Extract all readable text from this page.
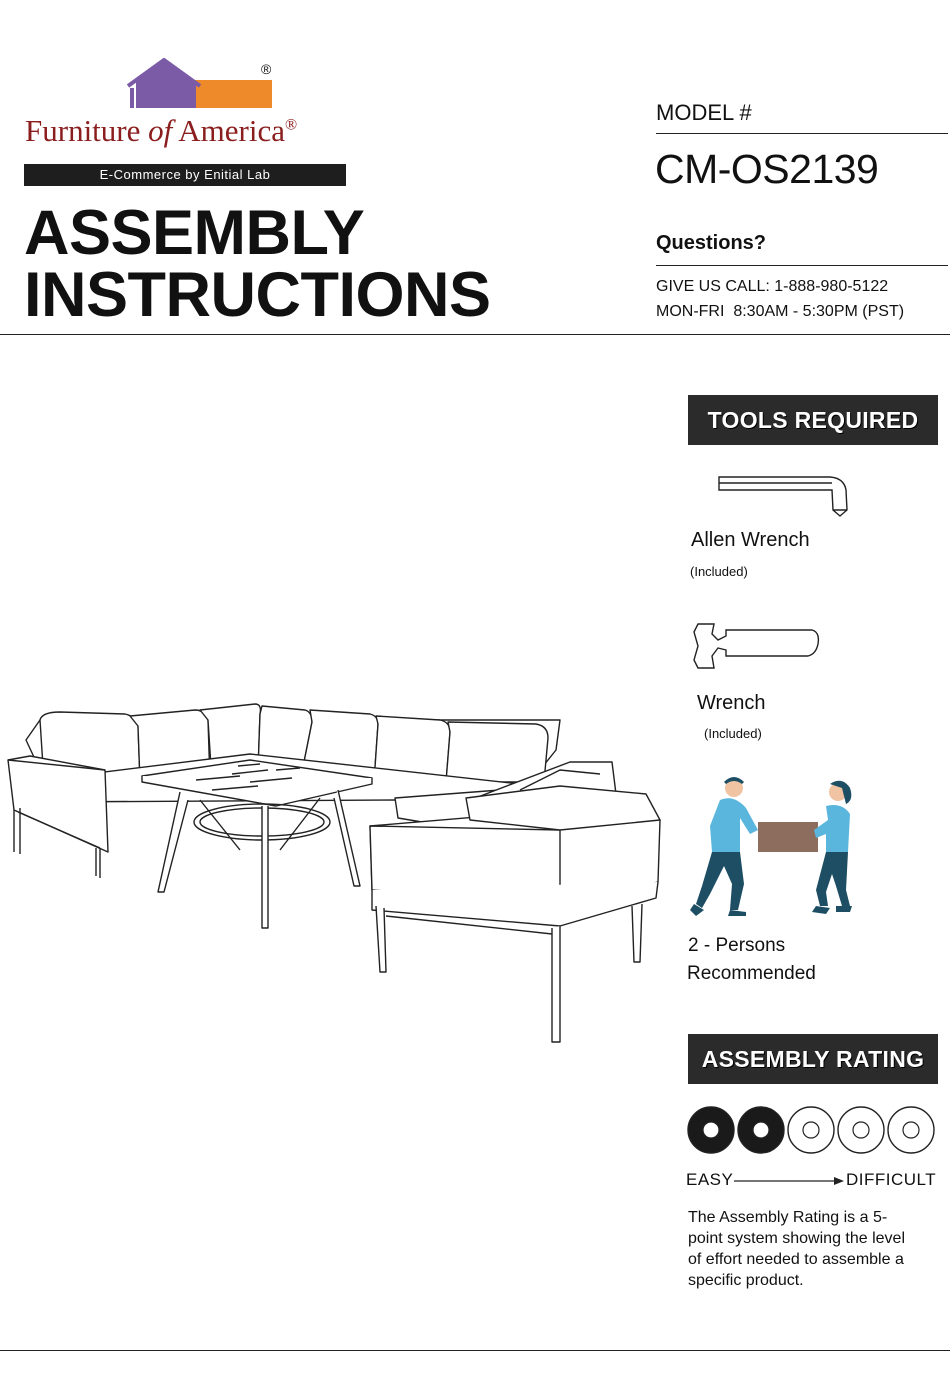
®
Furniture of America®
E-Commerce by Enitial Lab
ASSEMBLY
INSTRUCTIONS
MODEL #
CM-OS2139
Questions?
GIVE US CALL: 1-888-980-5122
MON-FRI  8:30AM - 5:30PM (PST)
TOOLS REQUIRED
Allen Wrench
(Included)
Wrench
(Included)
2 - Persons
Recommended
ASSEMBLY RATING
EASY	DIFFICULT
The Assembly Rating is a 5-point system showing the level of effort needed to assemble a specific product.
